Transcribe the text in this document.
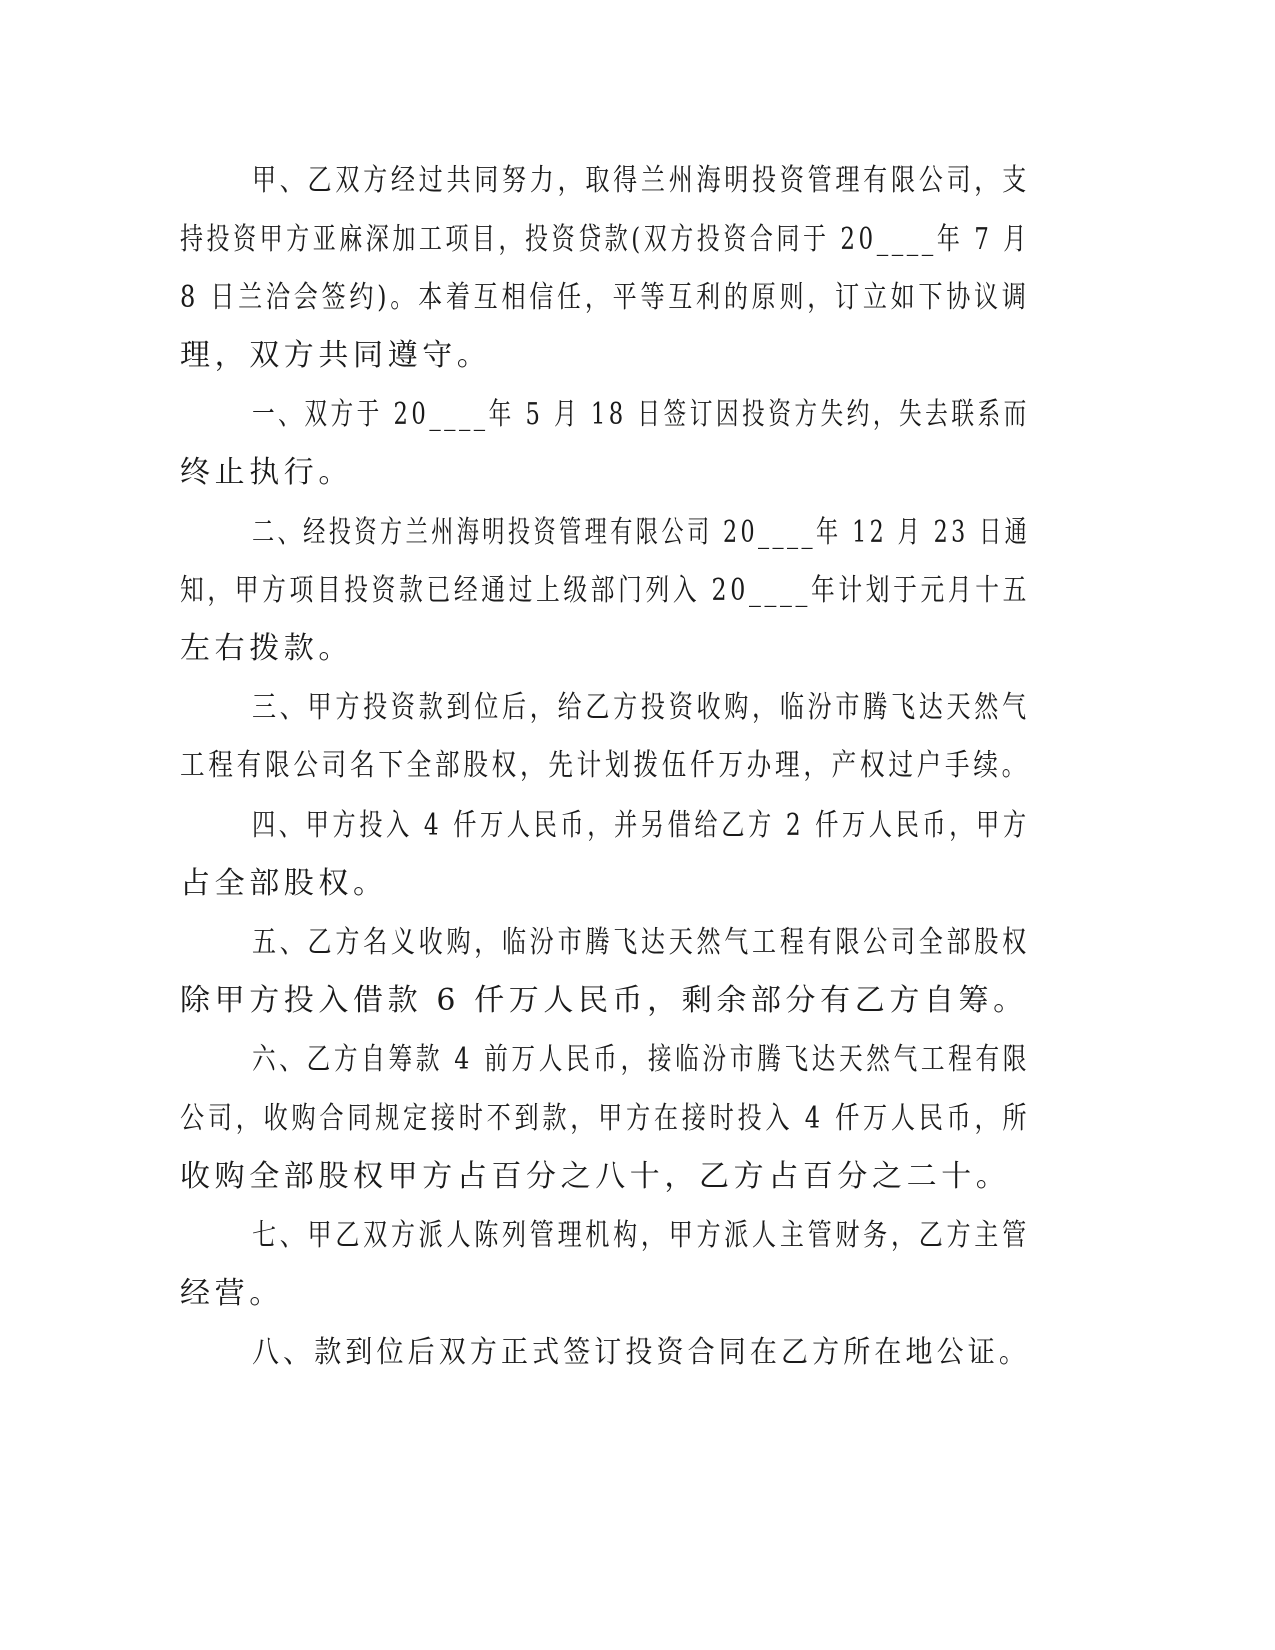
甲、乙双方经过共同努力，取得兰州海明投资管理有限公司，支

持投资甲方亚麻深加工项目，投资贷款(双方投资合同于 20____年 7 月

8 日兰洽会签约)。本着互相信任，平等互利的原则，订立如下协议调

理，双方共同遵守。

一、双方于 20____年 5 月 18 日签订因投资方失约，失去联系而

终止执行。

二、经投资方兰州海明投资管理有限公司 20____年 12 月 23 日通

知，甲方项目投资款已经通过上级部门列入 20____年计划于元月十五

左右拨款。

三、甲方投资款到位后，给乙方投资收购，临汾市腾飞达天然气

工程有限公司名下全部股权，先计划拨伍仟万办理，产权过户手续。

四、甲方投入 4 仟万人民币，并另借给乙方 2 仟万人民币，甲方

占全部股权。

五、乙方名义收购，临汾市腾飞达天然气工程有限公司全部股权

除甲方投入借款 6 仟万人民币，剩余部分有乙方自筹。

六、乙方自筹款 4 前万人民币，接临汾市腾飞达天然气工程有限

公司，收购合同规定接时不到款，甲方在接时投入 4 仟万人民币，所

收购全部股权甲方占百分之八十，乙方占百分之二十。

七、甲乙双方派人陈列管理机构，甲方派人主管财务，乙方主管

经营。

八、款到位后双方正式签订投资合同在乙方所在地公证。
